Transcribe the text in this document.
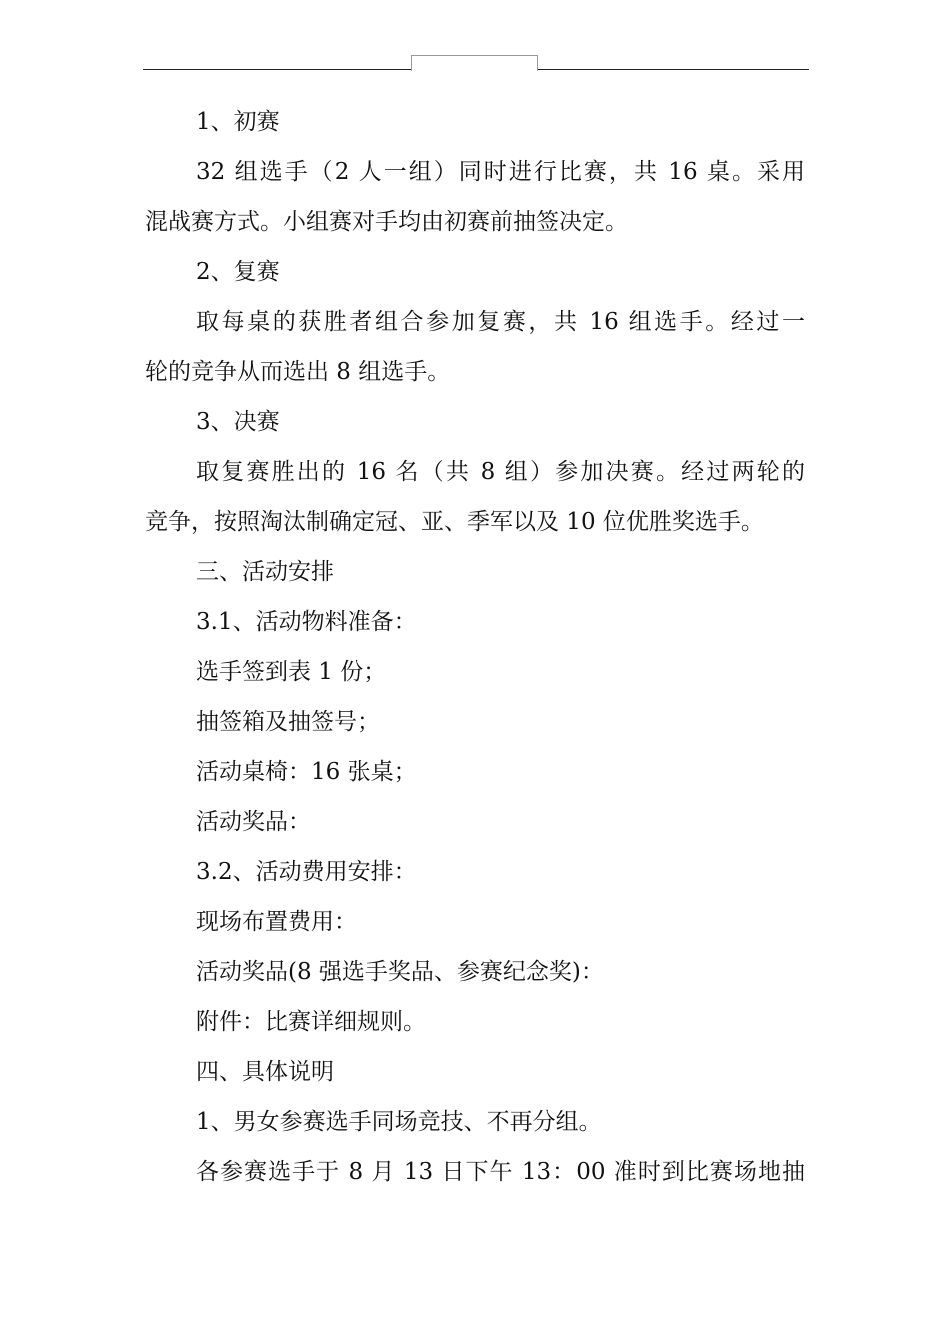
1、初赛

32 组选手（2 人一组）同时进行比赛，共 16 桌。采用

混战赛方式。小组赛对手均由初赛前抽签决定。

2、复赛

取每桌的获胜者组合参加复赛，共 16 组选手。经过一

轮的竞争从而选出 8 组选手。

3、决赛

取复赛胜出的 16 名（共 8 组）参加决赛。经过两轮的

竞争，按照淘汰制确定冠、亚、季军以及 10 位优胜奖选手。

三、活动安排

3.1、活动物料准备：

选手签到表 1 份；

抽签箱及抽签号；

活动桌椅：16 张桌；

活动奖品：

3.2、活动费用安排：

现场布置费用：

活动奖品(8 强选手奖品、参赛纪念奖)：

附件：比赛详细规则。

四、具体说明

1、男女参赛选手同场竞技、不再分组。

各参赛选手于 8 月 13 日下午 13：00 准时到比赛场地抽
